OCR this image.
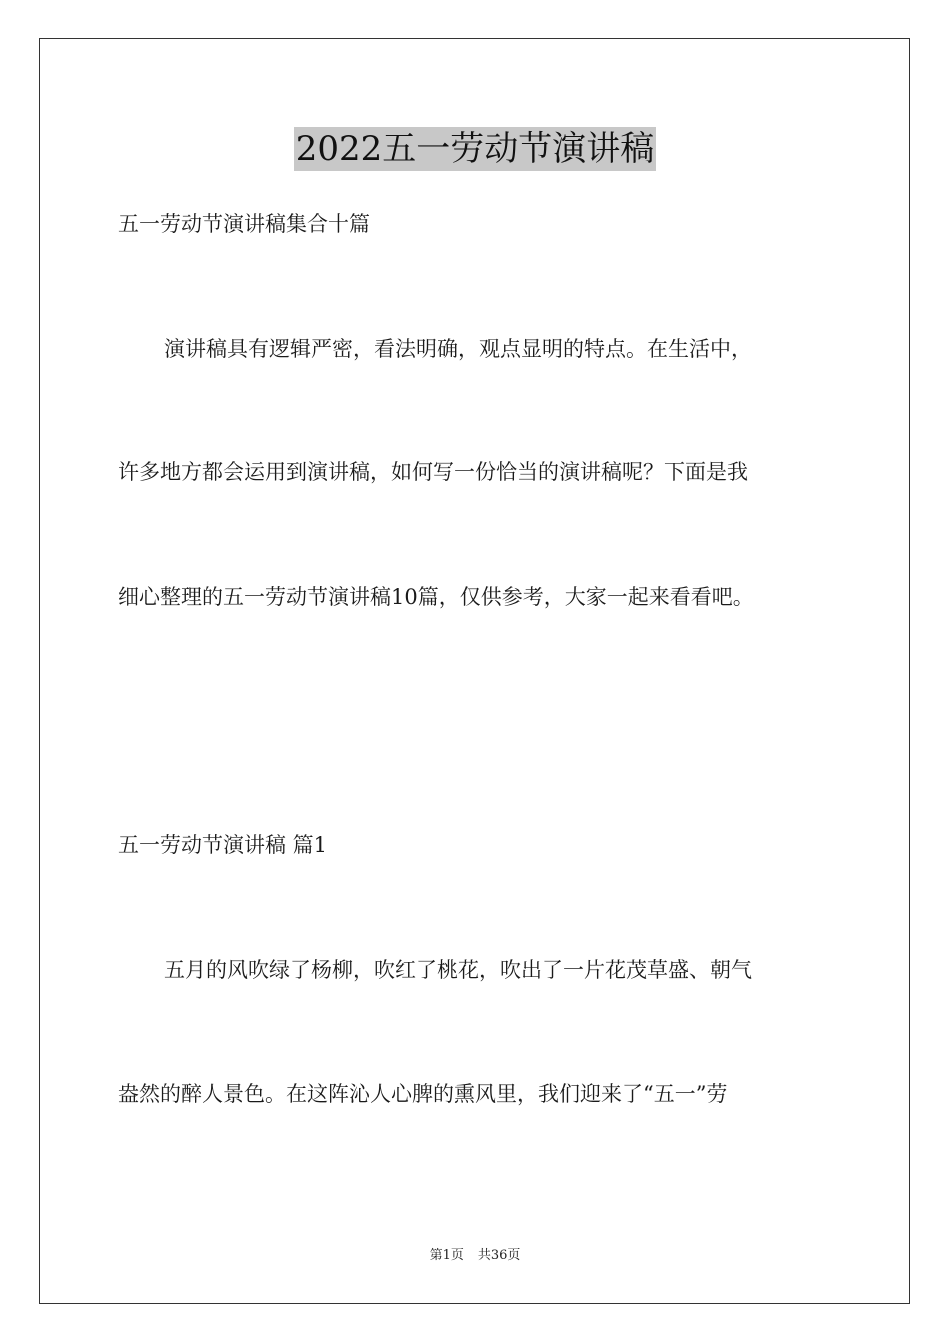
2022五一劳动节演讲稿
五一劳动节演讲稿集合十篇
演讲稿具有逻辑严密，看法明确，观点显明的特点。在生活中，
许多地方都会运用到演讲稿，如何写一份恰当的演讲稿呢？下面是我
细心整理的五一劳动节演讲稿10篇，仅供参考，大家一起来看看吧。
五一劳动节演讲稿 篇1
五月的风吹绿了杨柳，吹红了桃花，吹出了一片花茂草盛、朝气
盎然的醉人景色。在这阵沁人心脾的熏风里，我们迎来了“五一”劳
第1页 共36页
